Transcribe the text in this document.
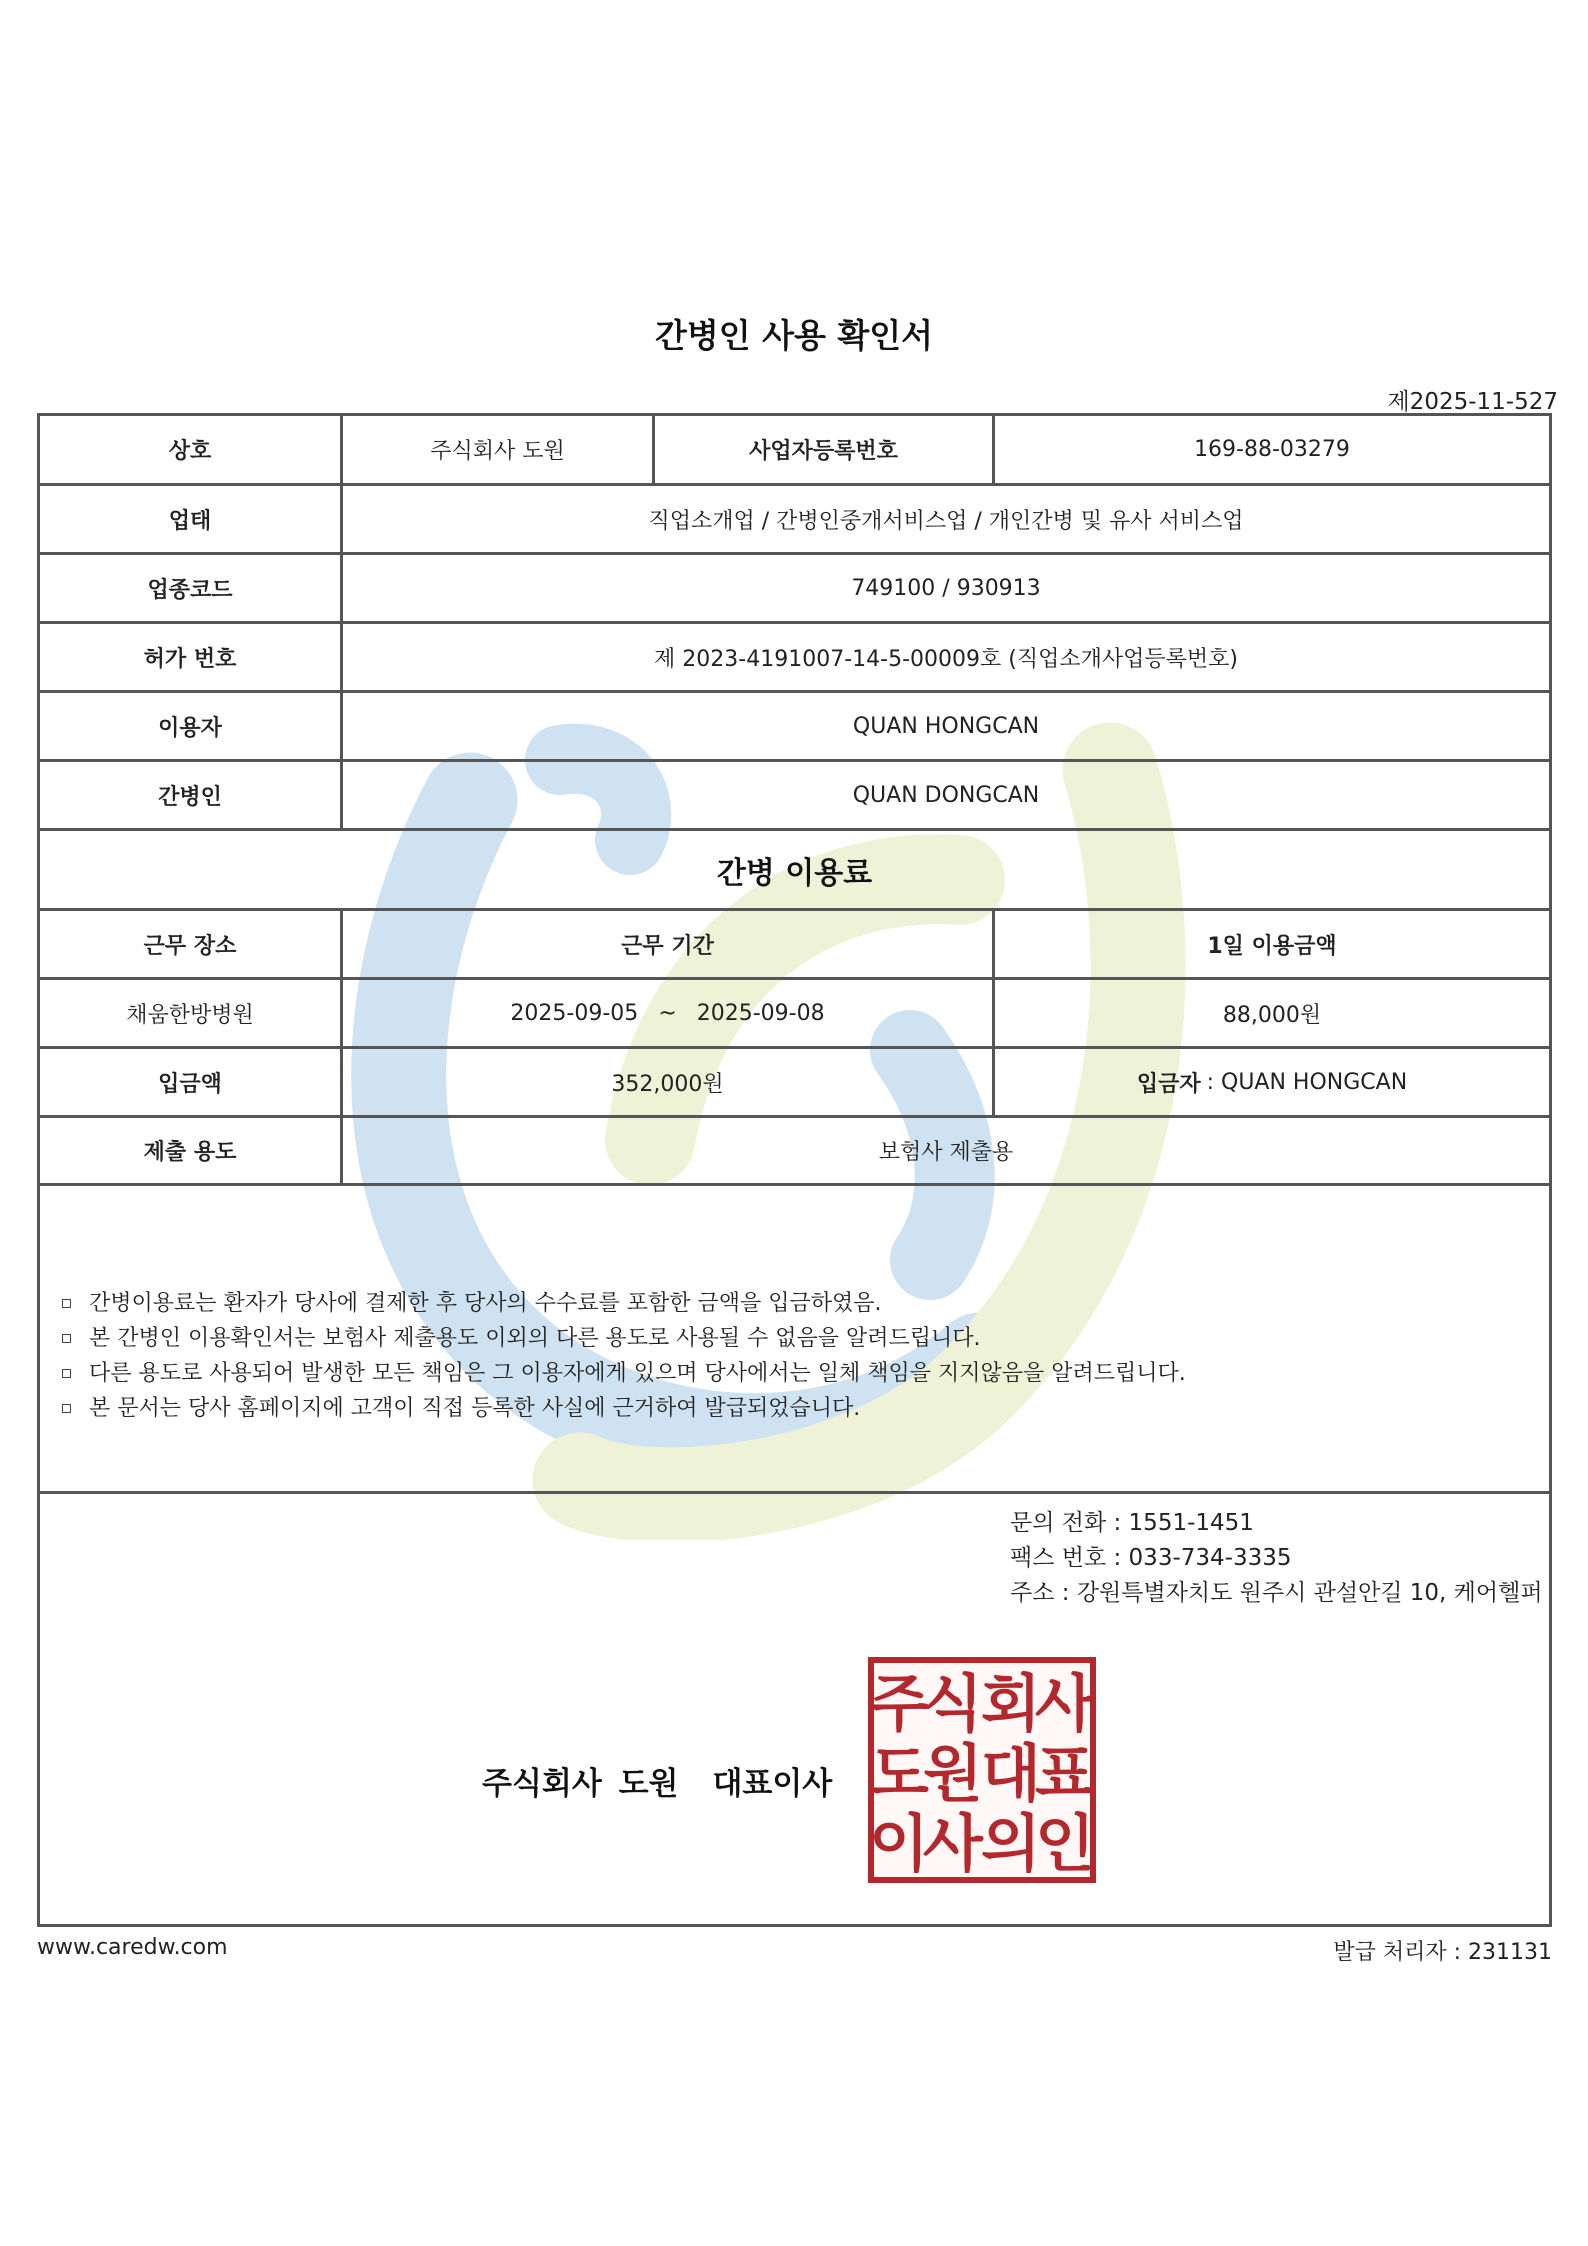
간병인 사용 확인서
제2025-11-527
상호	주식회사 도원	사업자등록번호	169-88-03279
업태	직업소개업 / 간병인중개서비스업 / 개인간병 및 유사 서비스업
업종코드	749100 / 930913
허가 번호	제 2023-4191007-14-5-00009호 (직업소개사업등록번호)
이용자	QUAN HONGCAN
간병인	QUAN DONGCAN
간병 이용료
근무 장소	근무 기간	1일 이용금액
채움한방병원	2025-09-05 ~ 2025-09-08	88,000원
입금액	352,000원	입금자 : QUAN HONGCAN
제출 용도	보험사 제출용
간병이용료는 환자가 당사에 결제한 후 당사의 수수료를 포함한 금액을 입금하였음.
본 간병인 이용확인서는 보험사 제출용도 이외의 다른 용도로 사용될 수 없음을 알려드립니다.
다른 용도로 사용되어 발생한 모든 책임은 그 이용자에게 있으며 당사에서는 일체 책임을 지지않음을 알려드립니다.
본 문서는 당사 홈페이지에 고객이 직접 등록한 사실에 근거하여 발급되었습니다.
문의 전화 : 1551-1451
팩스 번호 : 033-734-3335
주소 : 강원특별자치도 원주시 관설안길 10, 케어헬퍼
주식회사 도원 대표이사
주
식
회
사
도
원
대
표
이
사
의
인
www.caredw.com	발급 처리자 : 231131
